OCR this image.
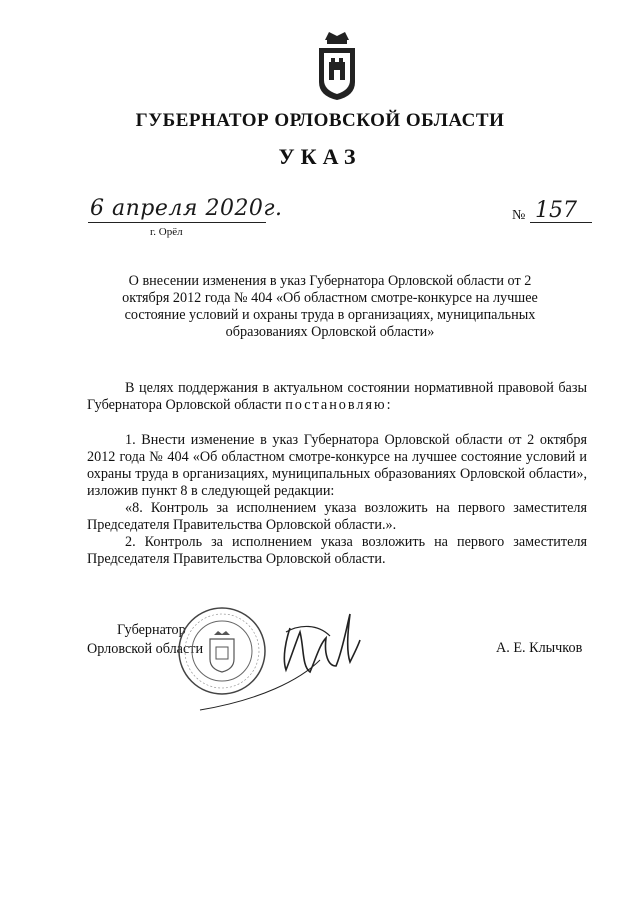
ГУБЕРНАТОР ОРЛОВСКОЙ ОБЛАСТИ
УКАЗ
6 апреля 2020г.
г. Орёл
№ 157
О внесении изменения в указ Губернатора Орловской области от 2 октября 2012 года № 404 «Об областном смотре-конкурсе на лучшее состояние условий и охраны труда в организациях, муниципальных образованиях Орловской области»

В целях поддержания в актуальном состоянии нормативной правовой базы Губернатора Орловской области постановляю:

1. Внести изменение в указ Губернатора Орловской области от 2 октября 2012 года № 404 «Об областном смотре-конкурсе на лучшее состояние условий и охраны труда в организациях, муниципальных образованиях Орловской области», изложив пункт 8 в следующей редакции:

«8. Контроль за исполнением указа возложить на первого заместителя Председателя Правительства Орловской области.».

2. Контроль за исполнением указа возложить на первого заместителя Председателя Правительства Орловской области.

Губернатор
Орловской области	А. Е. Клычков
